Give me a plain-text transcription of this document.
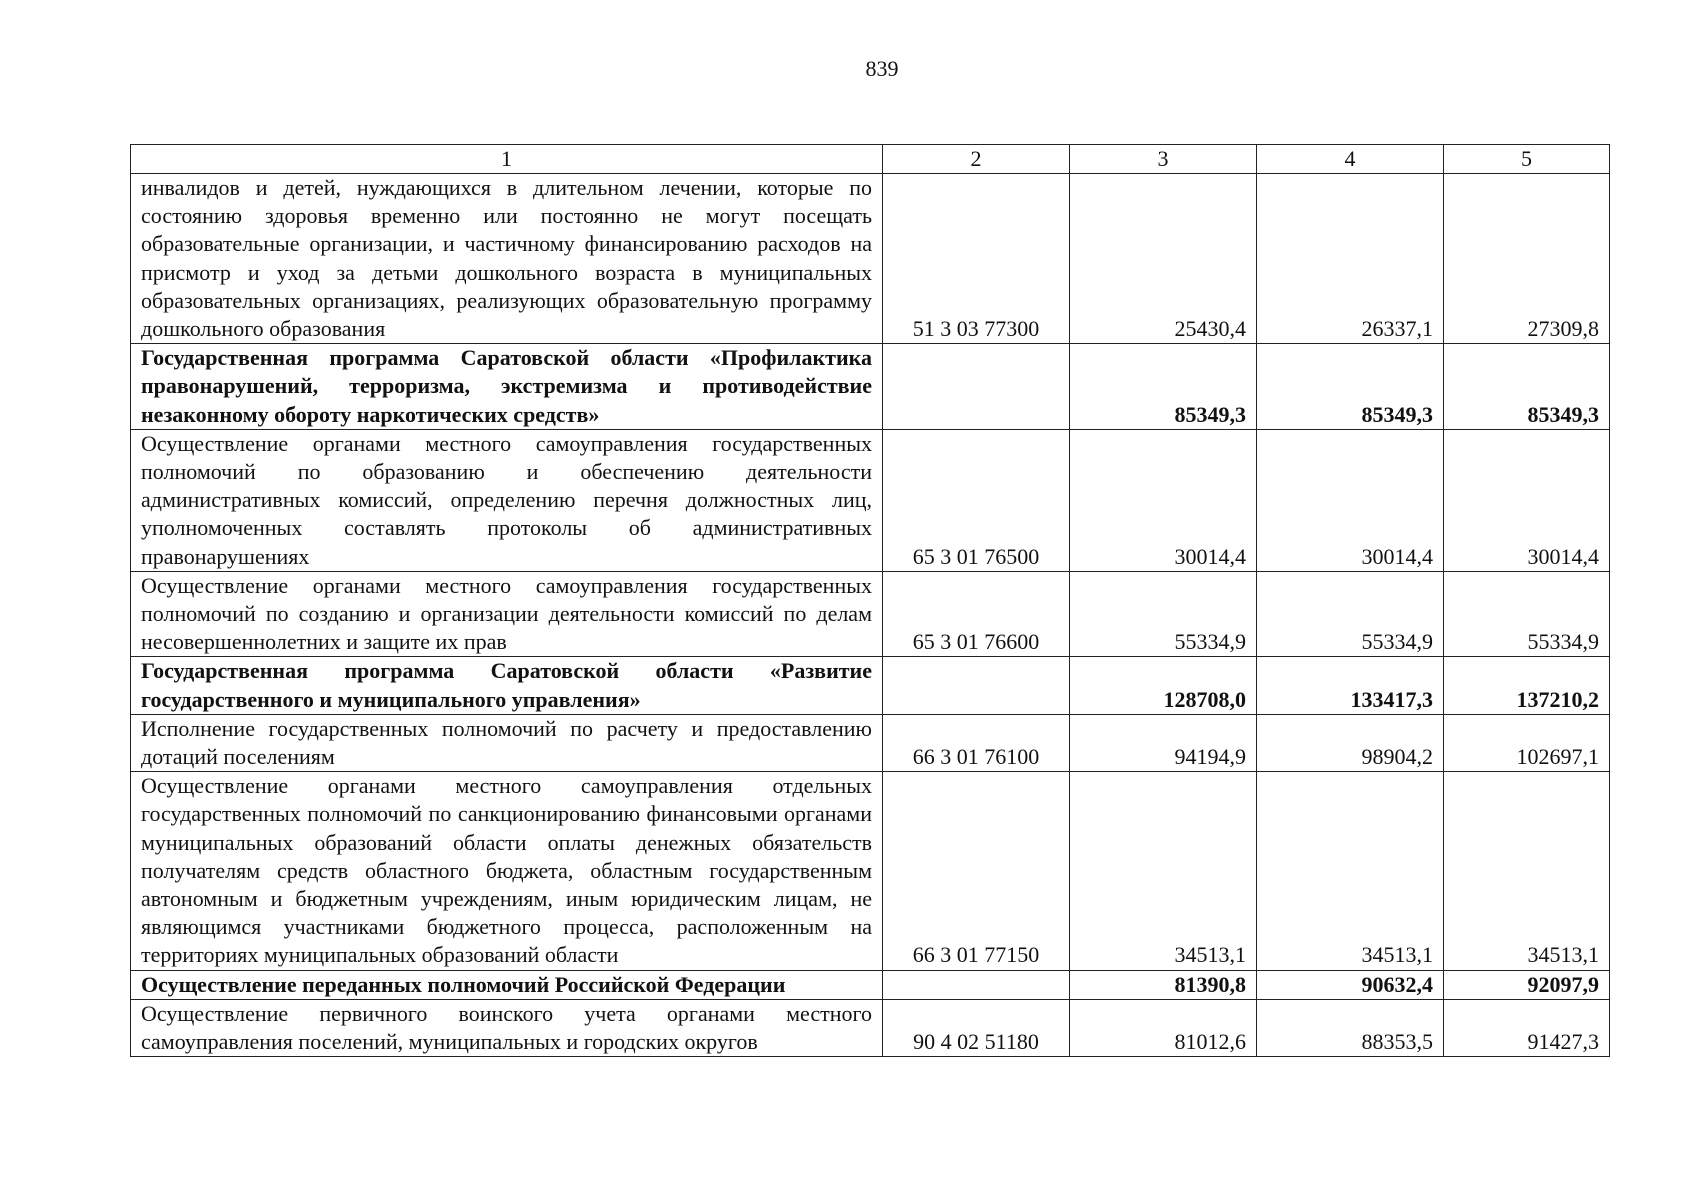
839
1	2	3	4	5
инвалидов и детей, нуждающихся в длительном лечении, которые по состоянию здоровья временно или постоянно не могут посещать образовательные организации, и частичному финансированию расходов на присмотр и уход за детьми дошкольного возраста в муниципальных образовательных организациях, реализующих образовательную программу дошкольного образования	51 3 03 77300	25430,4	26337,1	27309,8
Государственная программа Саратовской области «Профилактика правонарушений, терроризма, экстремизма и противодействие незаконному обороту наркотических средств»		85349,3	85349,3	85349,3
Осуществление органами местного самоуправления государственных полномочий по образованию и обеспечению деятельности административных комиссий, определению перечня должностных лиц, уполномоченных составлять протоколы об административных правонарушениях	65 3 01 76500	30014,4	30014,4	30014,4
Осуществление органами местного самоуправления государственных полномочий по созданию и организации деятельности комиссий по делам несовершеннолетних и защите их прав	65 3 01 76600	55334,9	55334,9	55334,9
Государственная программа Саратовской области «Развитие государственного и муниципального управления»		128708,0	133417,3	137210,2
Исполнение государственных полномочий по расчету и предоставлению дотаций поселениям	66 3 01 76100	94194,9	98904,2	102697,1
Осуществление органами местного самоуправления отдельных государственных полномочий по санкционированию финансовыми органами муниципальных образований области оплаты денежных обязательств получателям средств областного бюджета, областным государственным автономным и бюджетным учреждениям, иным юридическим лицам, не являющимся участниками бюджетного процесса, расположенным на территориях муниципальных образований области	66 3 01 77150	34513,1	34513,1	34513,1
Осуществление переданных полномочий Российской Федерации		81390,8	90632,4	92097,9
Осуществление первичного воинского учета органами местного самоуправления поселений, муниципальных и городских округов	90 4 02 51180	81012,6	88353,5	91427,3
